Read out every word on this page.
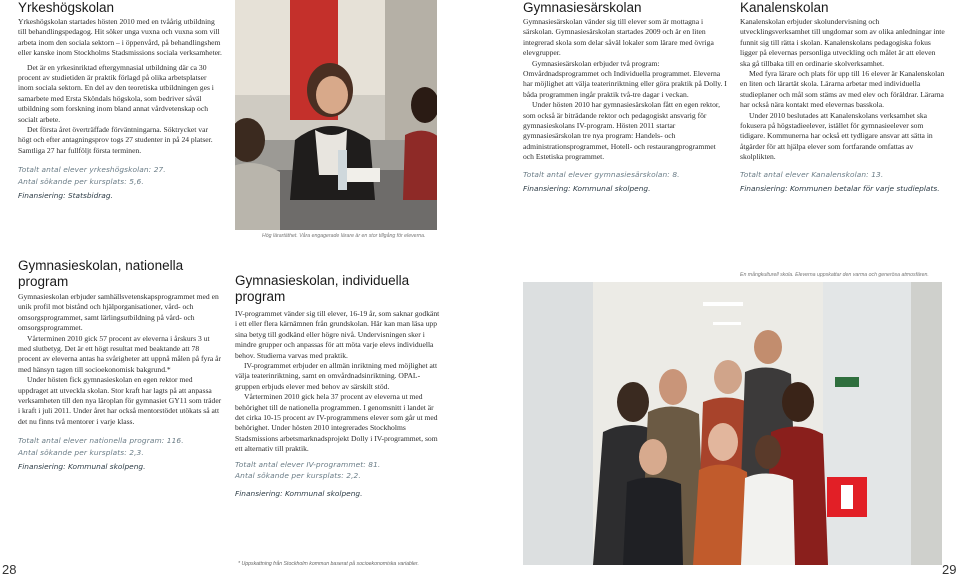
Yrkeshögskolan

Yrkeshögskolan startades hösten 2010 med en tvåårig utbildning till behandlingspedagog. Hit söker unga vuxna och vuxna som vill arbeta inom den sociala sektorn – i öppenvård, på behandlingshem eller kanske inom Stockholms Stadsmissions sociala verksamheter.

Det är en yrkesinriktad eftergymnasial utbildning där ca 30 procent av studietiden är praktik förlagd på olika arbetsplatser inom sociala sektorn. En del av den teoretiska utbildningen ges i samarbete med Ersta Sköndals högskola, som bedriver såväl utbildning som forskning inom bland annat vårdvetenskap och socialt arbete.

Det första året överträffade förväntningarna. Söktrycket var högt och efter antagningsprov togs 27 studenter in på 24 platser. Samtliga 27 har fullföljt första terminen.

Totalt antal elever yrkeshögskolan: 27.
Antal sökande per kursplats: 5,6.
Finansiering: Statsbidrag.
Gymnasieskolan, nationella program

Gymnasieskolan erbjuder samhällsvetenskapsprogrammet med en unik profil mot bistånd och hjälporganisationer, vård- och omsorgsprogrammet, samt lärlingsutbildning på vård- och omsorgsprogrammet.

Vårterminen 2010 gick 57 procent av eleverna i årskurs 3 ut med slutbetyg. Det är ett högt resultat med beaktande att 78 procent av eleverna antas ha svårigheter att uppnå målen på fyra år med hänsyn tagen till socioekonomisk bakgrund.*

Under hösten fick gymnasieskolan en egen rektor med uppdraget att utveckla skolan. Stor kraft har lagts på att anpassa verksamheten till den nya läroplan för gymnasiet GY11 som träder i kraft i juli 2011. Under året har också mentorstödet utökats så att det nu finns två mentorer i varje klass.

Totalt antal elever nationella program: 116.
Antal sökande per kursplats: 2,3.
Finansiering: Kommunal skolpeng.
Hög lärartäthet. Våra engagerade lärare är en stor tillgång för eleverna.
Gymnasieskolan, individuella program

IV-programmet vänder sig till elever, 16-19 år, som saknar godkänt i ett eller flera kärnämnen från grundskolan. Här kan man läsa upp sina betyg till godkänd eller högre nivå. Undervisningen sker i mindre grupper och anpassas för att möta varje elevs individuella behov. Studierna varvas med praktik.

IV-programmet erbjuder en allmän inriktning med möjlighet att välja teaterinriktning, samt en omvårdnadsinriktning. OPAL-gruppen erbjuds elever med behov av särskilt stöd.

Vårterminen 2010 gick hela 37 procent av eleverna ut med behörighet till de nationella programmen. I genomsnitt i landet är det cirka 10-15 procent av IV-programmens elever som går ut med behörighet. Under hösten 2010 integrerades Stockholms Stadsmissions arbetsmarknadsprojekt Dolly i IV-programmet, som ett alternativ till praktik.

Totalt antal elever IV-programmet: 81.
Antal sökande per kursplats: 2,2.
Finansiering: Kommunal skolpeng.
Gymnasiesärskolan

Gymnasiesärskolan vänder sig till elever som är mottagna i särskolan. Gymnasiesärskolan startades 2009 och är en liten integrerad skola som delar såväl lokaler som lärare med övriga elevgrupper.

Gymnasiesärskolan erbjuder två program: Omvårdnadsprogrammet och Individuella programmet. Eleverna har möjlighet att välja teaterinriktning eller göra praktik på Dolly. I båda programmen ingår praktik två-tre dagar i veckan.

Under hösten 2010 har gymnasiesärskolan fått en egen rektor, som också är biträdande rektor och pedagogiskt ansvarig för gymnasieskolans IV-program. Hösten 2011 startar gymnasiesärskolan tre nya program: Handels- och administrationsprogrammet, Hotell- och restaurangprogrammet och Estetiska programmet.

Totalt antal elever gymnasiesärskolan: 8.
Finansiering: Kommunal skolpeng.
Kanalenskolan

Kanalenskolan erbjuder skolundervisning och utvecklingsverksamhet till ungdomar som av olika anledningar inte funnit sig till rätta i skolan. Kanalenskolans pedagogiska fokus ligger på elevernas personliga utveckling och målet är att eleven ska gå tillbaka till en ordinarie skolverksamhet.

Med fyra lärare och plats för upp till 16 elever är Kanalenskolan en liten och lärartät skola. Lärarna arbetar med individuella studieplaner och mål som stäms av med elev och föräldrar. Lärarna har också nära kontakt med elevernas basskola.

Under 2010 beslutades att Kanalenskolans verksamhet ska fokusera på högstadieelever, istället för gymnasieelever som tidigare. Kommunerna har också ett tydligare ansvar att sätta in åtgärder för att hjälpa elever som fortfarande omfattas av skolplikten.

Totalt antal elever Kanalenskolan: 13.
Finansiering: Kommunen betalar för varje studieplats.
En mångkulturell skola. Eleverna uppskattar den varma och generösa atmosfären.
* Uppskattning från Stockholm kommun baserat på socioekonomiska variabler.
28	29
